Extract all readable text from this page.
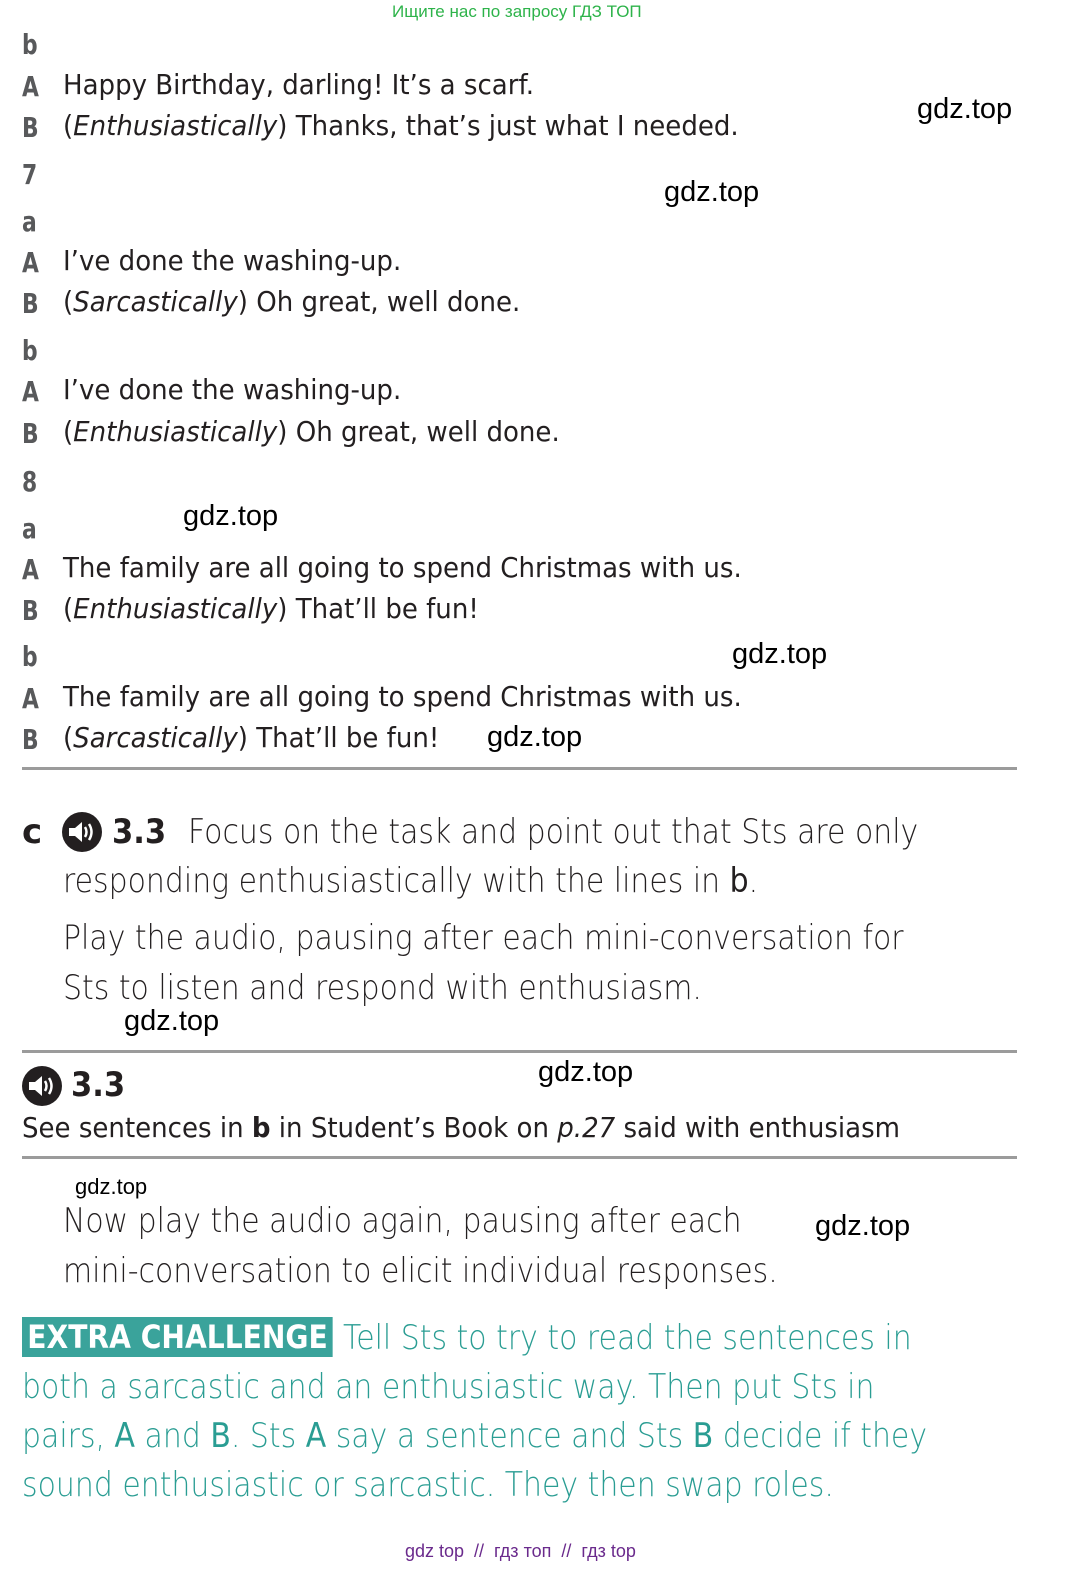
Ищите нас по запросу ГДЗ ТОП
b
A Happy Birthday, darling! It’s a scarf.
B (Enthusiastically) Thanks, that’s just what I needed.	gdz.top
7
gdz.top
a
A I’ve done the washing-up.
B (Sarcastically) Oh great, well done.
b
A I’ve done the washing-up.
B (Enthusiastically) Oh great, well done.
8
a	gdz.top
A The family are all going to spend Christmas with us.
B (Enthusiastically) That’ll be fun!
b	gdz.top
A The family are all going to spend Christmas with us.
B (Sarcastically) That’ll be fun! gdz.top
c 3.3 Focus on the task and point out that Sts are only
responding enthusiastically with the lines in b.
Play the audio, pausing after each mini-conversation for
Sts to listen and respond with enthusiasm.
gdz.top
3.3	gdz.top
See sentences in b in Student’s Book on p.27 said with enthusiasm
gdz.top
Now play the audio again, pausing after each	gdz.top
mini-conversation to elicit individual responses.
EXTRA CHALLENGE Tell Sts to try to read the sentences in
both a sarcastic and an enthusiastic way. Then put Sts in
pairs, A and B. Sts A say a sentence and Sts B decide if they
sound enthusiastic or sarcastic. They then swap roles.
gdz top  //  гдз топ  //  гдз top
